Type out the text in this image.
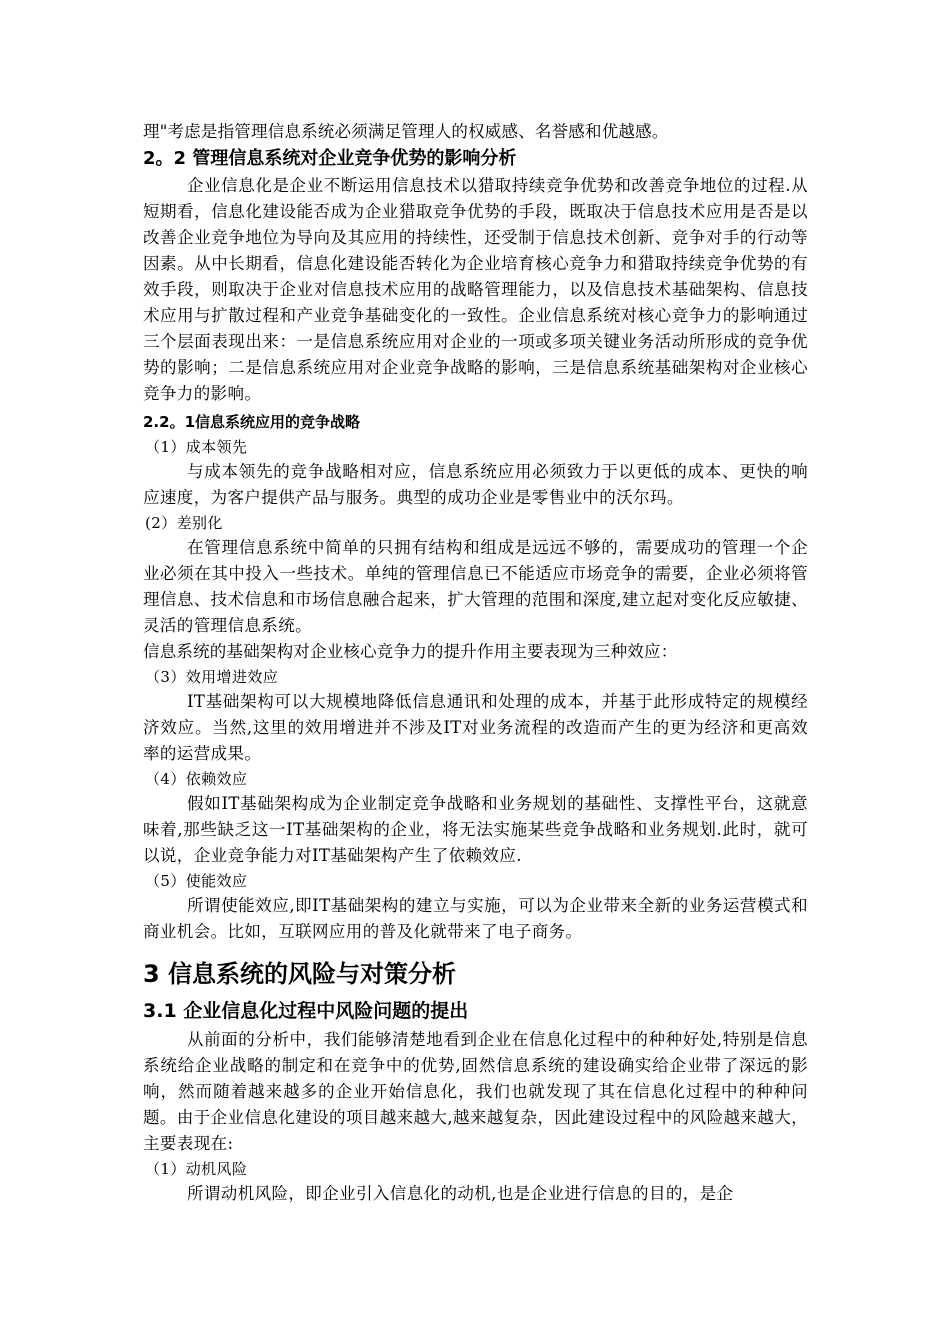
理"考虑是指管理信息系统必须满足管理人的权威感、名誉感和优越感。

2。2 管理信息系统对企业竞争优势的影响分析

企业信息化是企业不断运用信息技术以猎取持续竞争优势和改善竞争地位的过程.从短期看，信息化建设能否成为企业猎取竞争优势的手段，既取决于信息技术应用是否是以改善企业竞争地位为导向及其应用的持续性，还受制于信息技术创新、竞争对手的行动等因素。从中长期看，信息化建设能否转化为企业培育核心竞争力和猎取持续竞争优势的有效手段，则取决于企业对信息技术应用的战略管理能力，以及信息技术基础架构、信息技术应用与扩散过程和产业竞争基础变化的一致性。企业信息系统对核心竞争力的影响通过三个层面表现出来：一是信息系统应用对企业的一项或多项关键业务活动所形成的竞争优势的影响；二是信息系统应用对企业竞争战略的影响，三是信息系统基础架构对企业核心竞争力的影响。

2.2。1信息系统应用的竞争战略

（1）成本领先

与成本领先的竞争战略相对应，信息系统应用必须致力于以更低的成本、更快的响应速度，为客户提供产品与服务。典型的成功企业是零售业中的沃尔玛。

(2）差别化

在管理信息系统中简单的只拥有结构和组成是远远不够的，需要成功的管理一个企业必须在其中投入一些技术。单纯的管理信息已不能适应市场竞争的需要，企业必须将管理信息、技术信息和市场信息融合起来，扩大管理的范围和深度,建立起对变化反应敏捷、灵活的管理信息系统。

信息系统的基础架构对企业核心竞争力的提升作用主要表现为三种效应：

（3）效用增进效应

IT基础架构可以大规模地降低信息通讯和处理的成本，并基于此形成特定的规模经济效应。当然,这里的效用增进并不涉及IT对业务流程的改造而产生的更为经济和更高效率的运营成果。

（4）依赖效应

假如IT基础架构成为企业制定竞争战略和业务规划的基础性、支撑性平台，这就意味着,那些缺乏这一IT基础架构的企业，将无法实施某些竞争战略和业务规划.此时，就可以说，企业竞争能力对IT基础架构产生了依赖效应.

（5）使能效应

所谓使能效应,即IT基础架构的建立与实施，可以为企业带来全新的业务运营模式和商业机会。比如，互联网应用的普及化就带来了电子商务。

3 信息系统的风险与对策分析
3.1 企业信息化过程中风险问题的提出

从前面的分析中，我们能够清楚地看到企业在信息化过程中的种种好处,特别是信息系统给企业战略的制定和在竞争中的优势,固然信息系统的建设确实给企业带了深远的影响，然而随着越来越多的企业开始信息化，我们也就发现了其在信息化过程中的种种问题。由于企业信息化建设的项目越来越大,越来越复杂，因此建设过程中的风险越来越大，主要表现在:

（1）动机风险

所谓动机风险，即企业引入信息化的动机,也是企业进行信息的目的，是企
